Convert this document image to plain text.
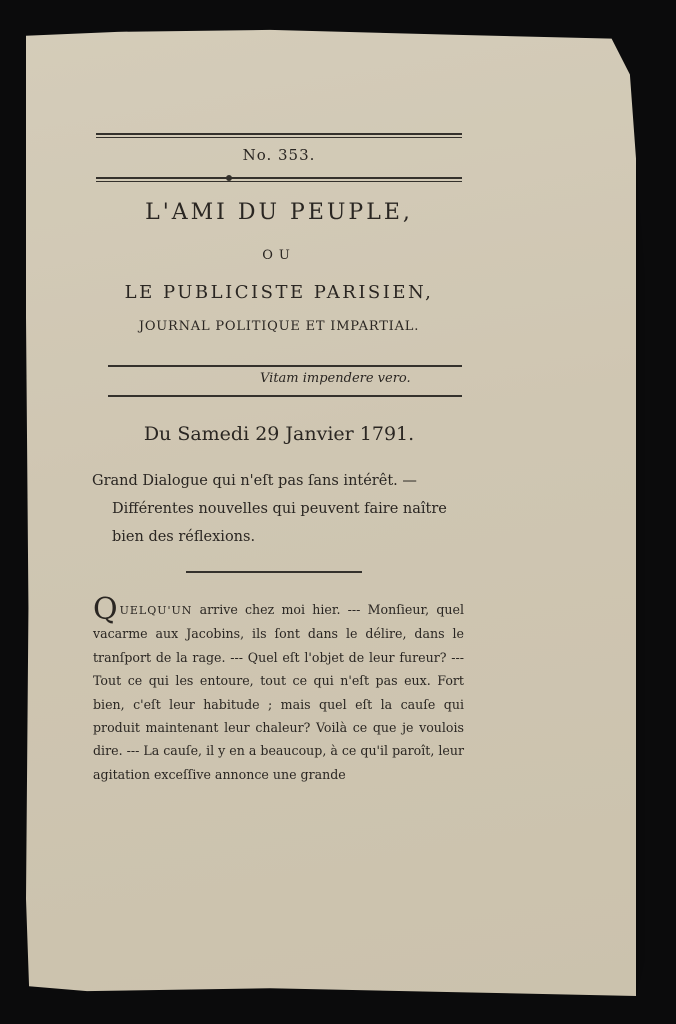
No. 353.
L'AMI DU PEUPLE,
OU
LE PUBLICISTE PARISIEN,
JOURNAL POLITIQUE ET IMPARTIAL.
Vitam impendere vero.
Du Samedi 29 Janvier 1791.
Grand Dialogue qui n'eſt pas ſans intérêt. —
Différentes nouvelles qui peuvent faire naître
bien des réflexions.
Q UELQU'UN arrive chez moi hier. --- Monſieur, quel vacarme aux Jacobins, ils ſont dans le délire, dans le tranſport de la rage. --- Quel eſt l'objet de leur fureur? --- Tout ce qui les entoure, tout ce qui n'eſt pas eux. Fort bien, c'eſt leur habitude ; mais quel eſt la cauſe qui produit maintenant leur chaleur? Voilà ce que je voulois dire. --- La cauſe, il y en a beaucoup, à ce qu'il paroît, leur agitation exceſſive annonce une grande
